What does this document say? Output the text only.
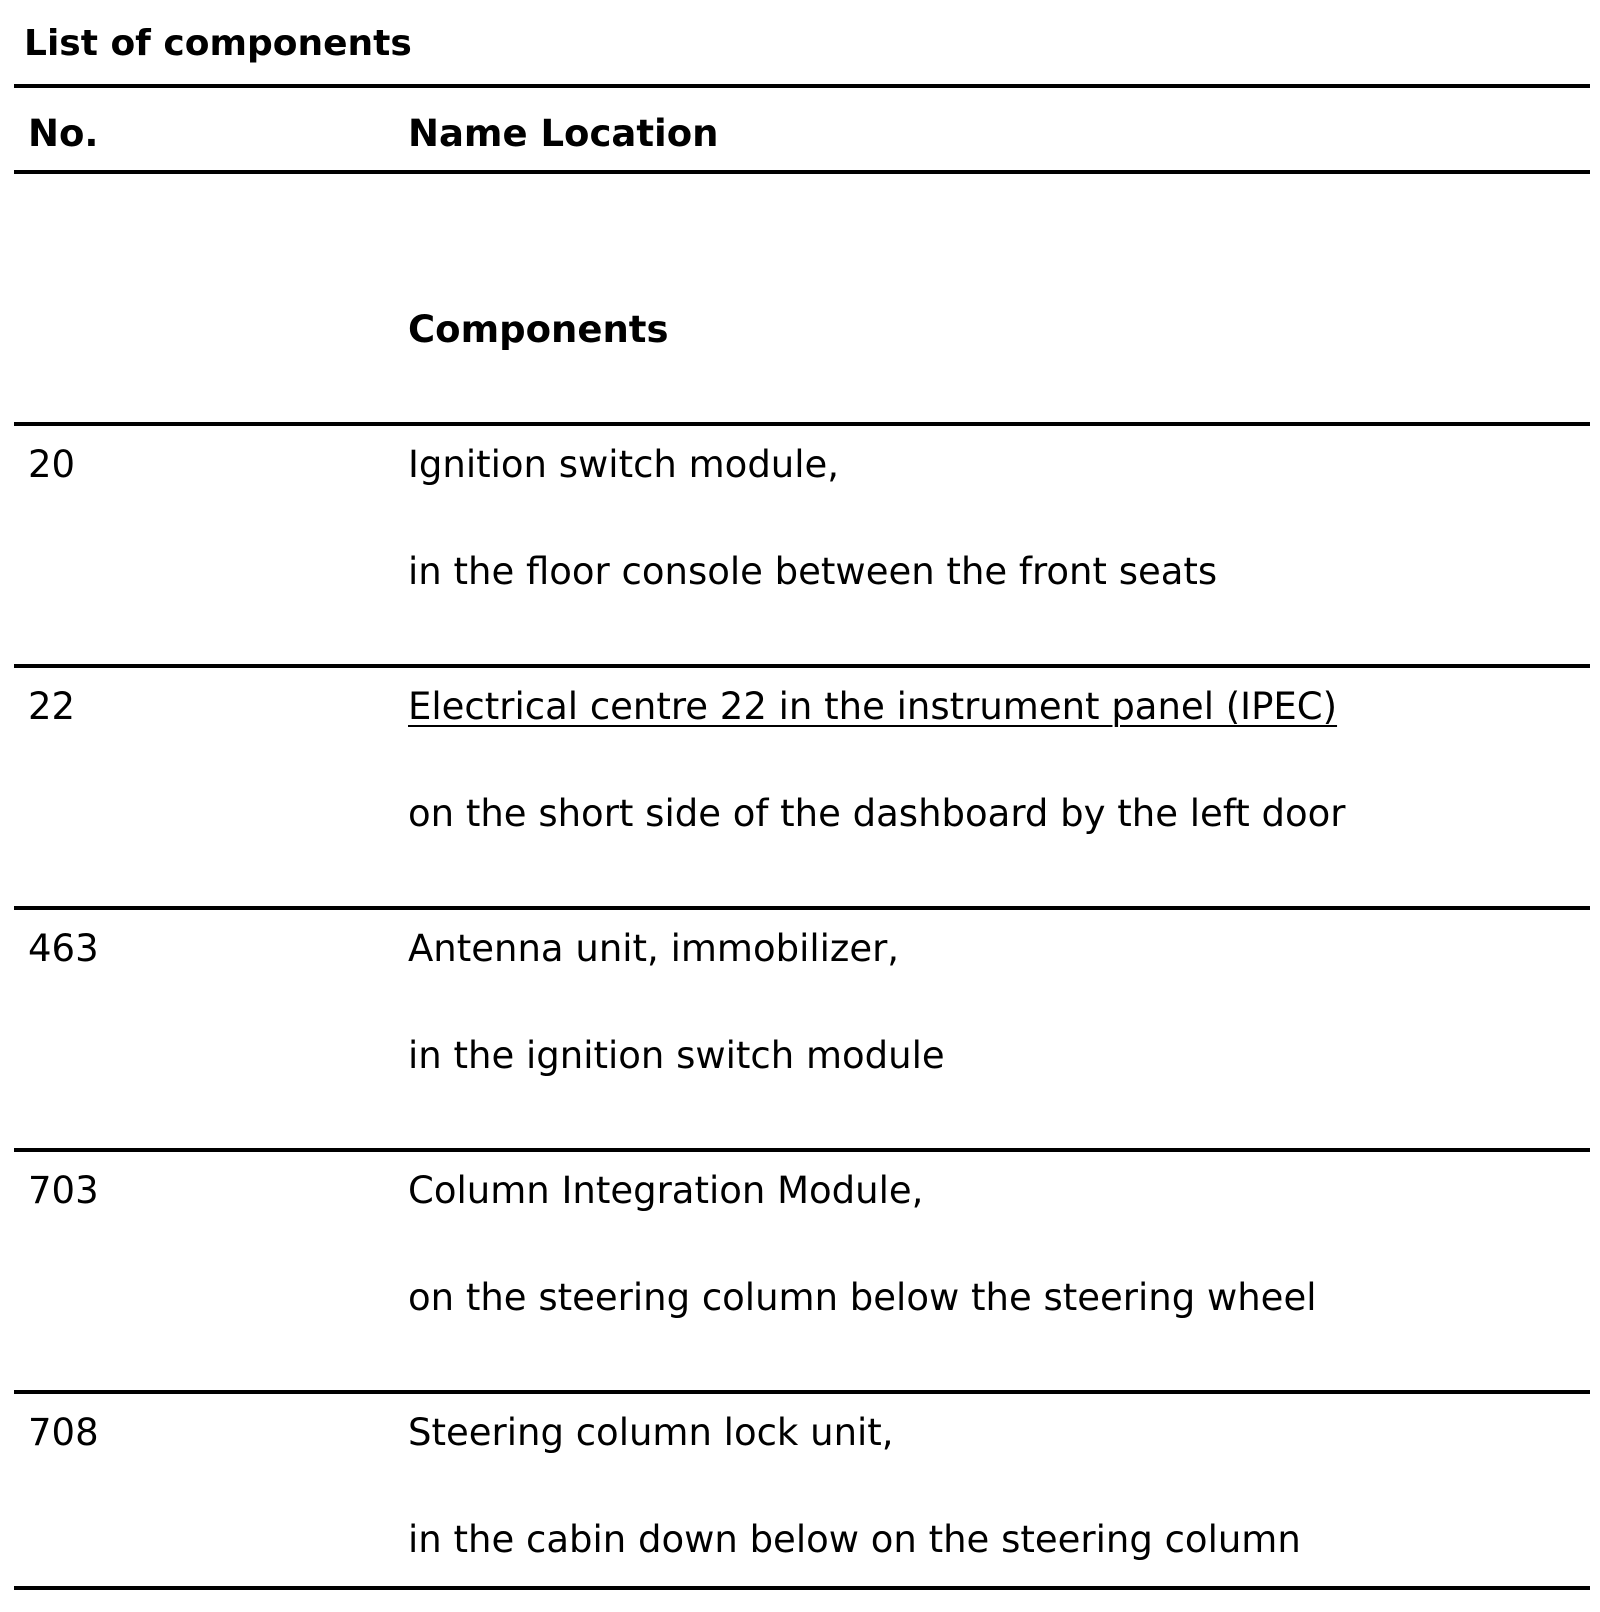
List of components
No.	Name Location
Components
20	Ignition switch module,
in the floor console between the front seats
22	Electrical centre 22 in the instrument panel (IPEC)
on the short side of the dashboard by the left door
463	Antenna unit, immobilizer,
in the ignition switch module
703	Column Integration Module,
on the steering column below the steering wheel
708	Steering column lock unit,
in the cabin down below on the steering column
